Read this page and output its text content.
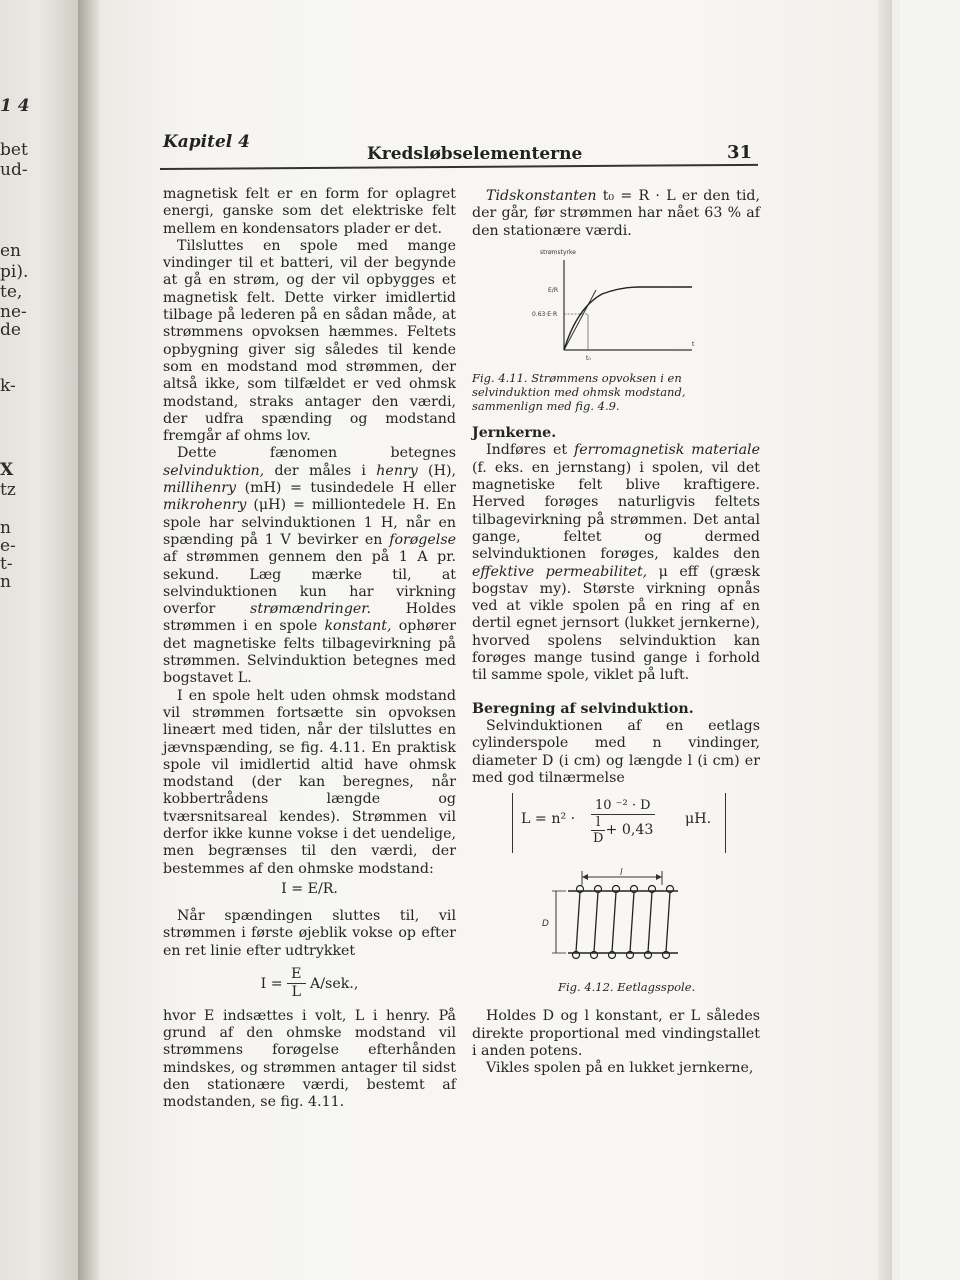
1 4
bet
ud-
en
pi).
te,
ne-
de
k-
X
tz
n
e-
t-
n
Kapitel 4
Kredsløbselementerne	31

magnetisk felt er en form for oplagret energi, ganske som det elektriske felt mellem en kondensators plader er det.

Tilsluttes en spole med mange vindinger til et batteri, vil der begynde at gå en strøm, og der vil opbygges et magnetisk felt. Dette virker imidlertid tilbage på lederen på en sådan måde, at strømmens opvoksen hæmmes. Feltets opbygning giver sig således til kende som en modstand mod strømmen, der altså ikke, som tilfældet er ved ohmsk modstand, straks antager den værdi, der udfra spænding og modstand fremgår af ohms lov.

Dette fænomen betegnes selvinduktion, der måles i henry (H), millihenry (mH) = tusindedele H eller mikrohenry (μH) = milliontedele H. En spole har selvinduktionen 1 H, når en spænding på 1 V bevirker en forøgelse af strømmen gennem den på 1 A pr. sekund. Læg mærke til, at selvinduktionen kun har virkning overfor strømændringer. Holdes strømmen i en spole konstant, ophører det magnetiske felts tilbagevirkning på strømmen. Selvinduktion betegnes med bogstavet L.

I en spole helt uden ohmsk modstand vil strømmen fortsætte sin opvoksen lineært med tiden, når der tilsluttes en jævnspænding, se fig. 4.11. En praktisk spole vil imidlertid altid have ohmsk modstand (der kan beregnes, når kobbertrådens længde og tværsnitsareal kendes). Strømmen vil derfor ikke kunne vokse i det uendelige, men begrænses til den værdi, der bestemmes af den ohmske modstand:

I = E/R.

Når spændingen sluttes til, vil strømmen i første øjeblik vokse op efter en ret linie efter udtrykket

$I = \frac{E}{L} A/sek$.,

hvor E indsættes i volt, L i henry. På grund af den ohmske modstand vil strømmens forøgelse efterhånden mindskes, og strømmen antager til sidst den stationære værdi, bestemt af modstanden, se fig. 4.11.

Tidskonstanten t₀ = R · L er den tid, der går, før strømmen har nået 63 % af den stationære værdi.

strømstyrke
E/R
0.63·E·R
t₀
t
Fig. 4.11. Strømmens opvoksen i en selvinduktion med ohmsk modstand, sammenlign med fig. 4.9.
Jernkerne.

Indføres et ferromagnetisk materiale (f. eks. en jernstang) i spolen, vil det magnetiske felt blive kraftigere. Herved forøges naturligvis feltets tilbagevirkning på strømmen. Det antal gange, feltet og dermed selvinduktionen forøges, kaldes den effektive permeabilitet, μ eff (græsk bogstav my). Største virkning opnås ved at vikle spolen på en ring af en dertil egnet jernsort (lukket jernkerne), hvorved spolens selvinduktion kan forøges mange tusind gange i forhold til samme spole, viklet på luft.

Beregning af selvinduktion.

Selvinduktionen af en eetlags cylinderspole med n vindinger, diameter D (i cm) og længde l (i cm) er med god tilnærmelse

L = n² ·
10 ⁻² · D
$\frac{l}{D} + 0,43$
μH.
l
D
Fig. 4.12. Eetlagsspole.

Holdes D og l konstant, er L således direkte proportional med vindingstallet i anden potens.

Vikles spolen på en lukket jernkerne,
